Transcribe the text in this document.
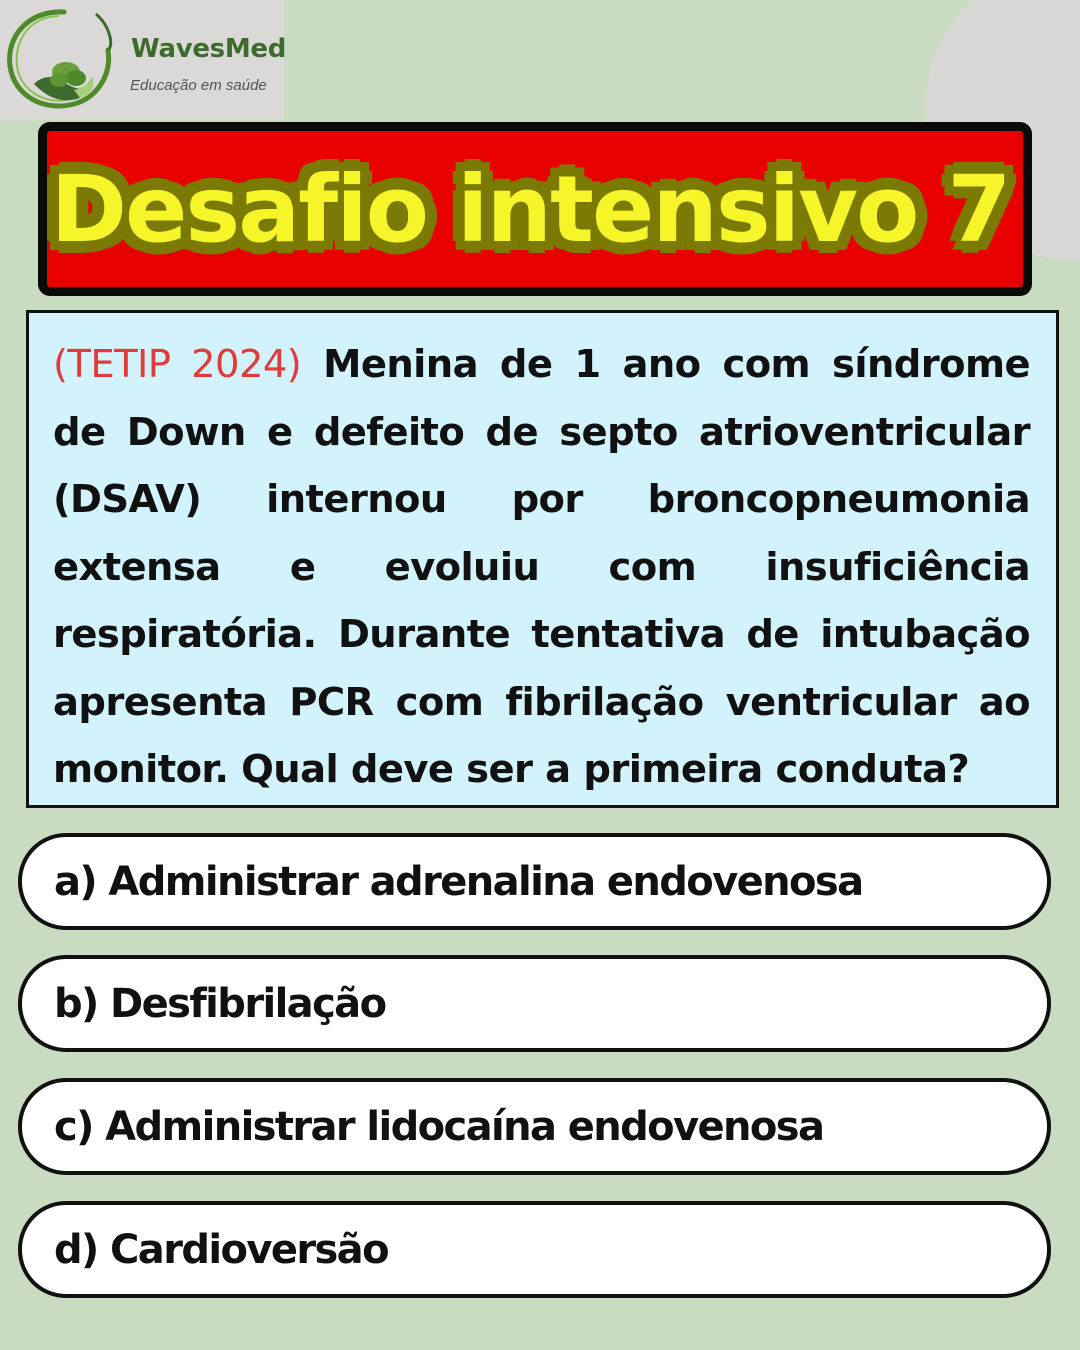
WavesMed
Educação em saúde
Desafio intensivo 7

(TETIP 2024) Menina de 1 ano com síndrome de Down e defeito de septo atrioventricular (DSAV) internou por broncopneumonia extensa e evoluiu com insuficiência respiratória. Durante tentativa de intubação apresenta PCR com fibrilação ventricular ao monitor. Qual deve ser a primeira conduta?

a) Administrar adrenalina endovenosa
b) Desfibrilação
c) Administrar lidocaína endovenosa
d) Cardioversão
